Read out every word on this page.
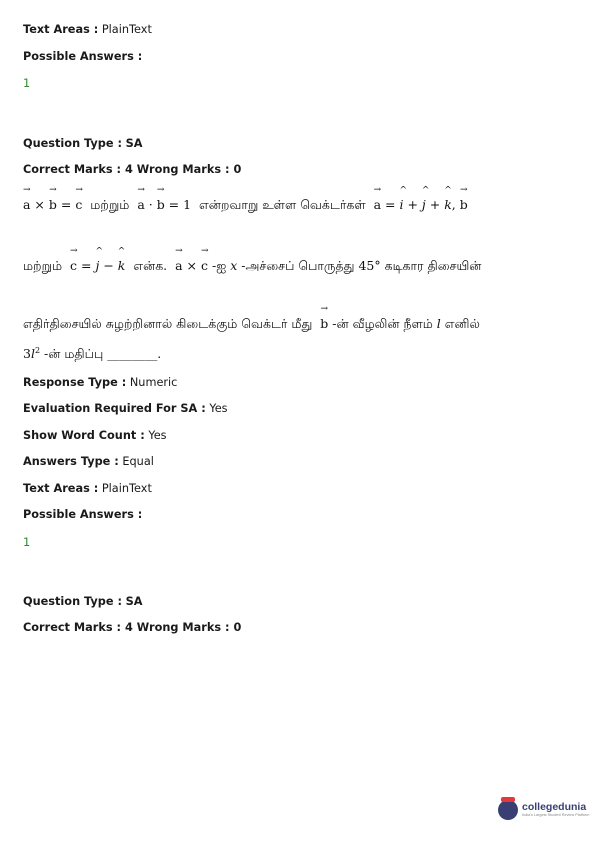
Text Areas : PlainText
Possible Answers :
1
Question Type : SA
Correct Marks : 4 Wrong Marks : 0
→
a ×
→
b =
→
c மற்றும்
→
a ·
→
b = 1  என்றவாறு உள்ள வெக்டர்கள்
→
a =
^
i +
^
j +
^
k,
→
b
மற்றும்
→
c =
^
j −
^
k என்க.
→
a ×
→
c -ஐ x -அச்சைப் பொருத்து 45° கடிகார திசையின்
எதிர்திசையில் சுழற்றினால் கிடைக்கும் வெக்டர் மீது
→
b -ன் வீழலின் நீளம் l எனில்
$3l^2$ -ன் மதிப்பு ________.
Response Type : Numeric
Evaluation Required For SA : Yes
Show Word Count : Yes
Answers Type : Equal
Text Areas : PlainText
Possible Answers :
1
Question Type : SA
Correct Marks : 4 Wrong Marks : 0
collegedunia
India's Largest Student Review Platform
